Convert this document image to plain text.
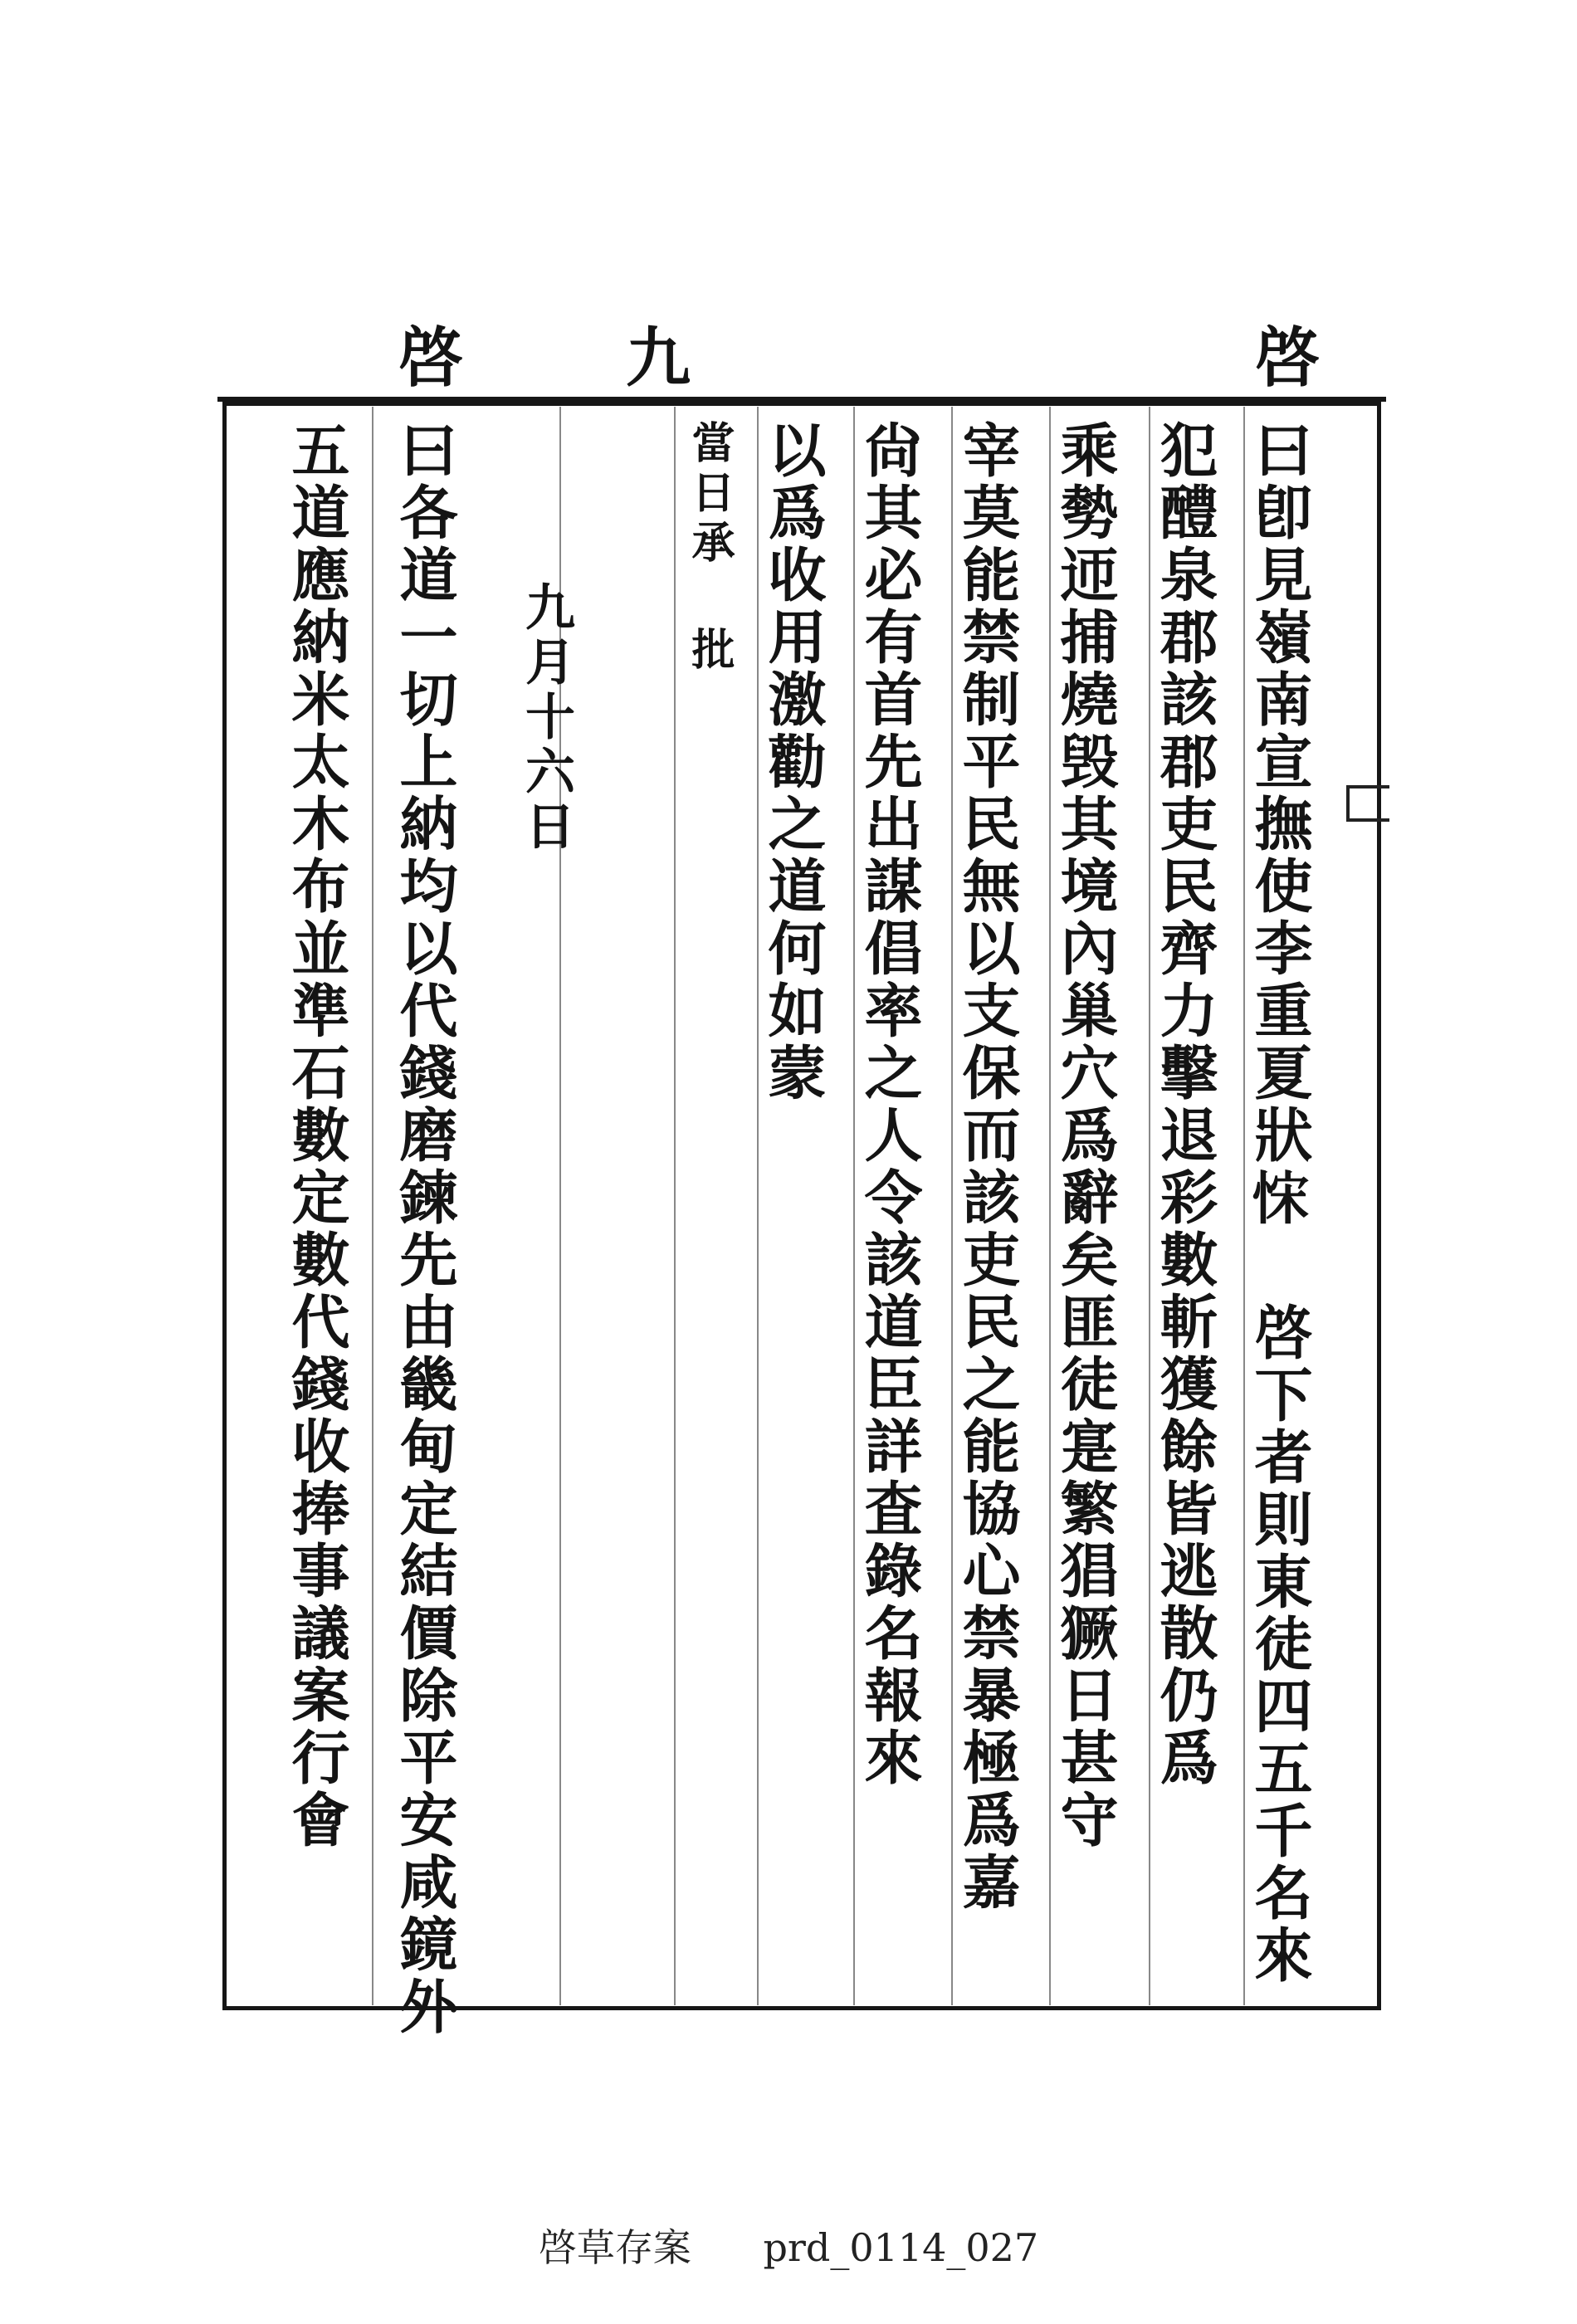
啓
九
啓
曰卽見嶺南宣撫使李重夏狀𢚗 啓下者則東徒四五千名來
犯醴泉郡該郡吏民齊力擊退彩數斬獲餘皆逃散仍爲
乘勢迊捕燒毁其境內巢穴爲辭矣匪徒寔繁猖獗日甚守
宰莫能禁制平民無以支保而該吏民之能協心禁暴極爲嘉
尙其必有首先出謀倡率之人令該道臣詳査錄名報來
以爲收用激勸之道何如蒙
當日承 批
九月十六日
曰各道一切上納均以代錢磨鍊先由畿甸定結價除平安咸鏡外
五道應納米太木布並準石數定數代錢收捧事議案行會
啓草存案 prd_0114_027
